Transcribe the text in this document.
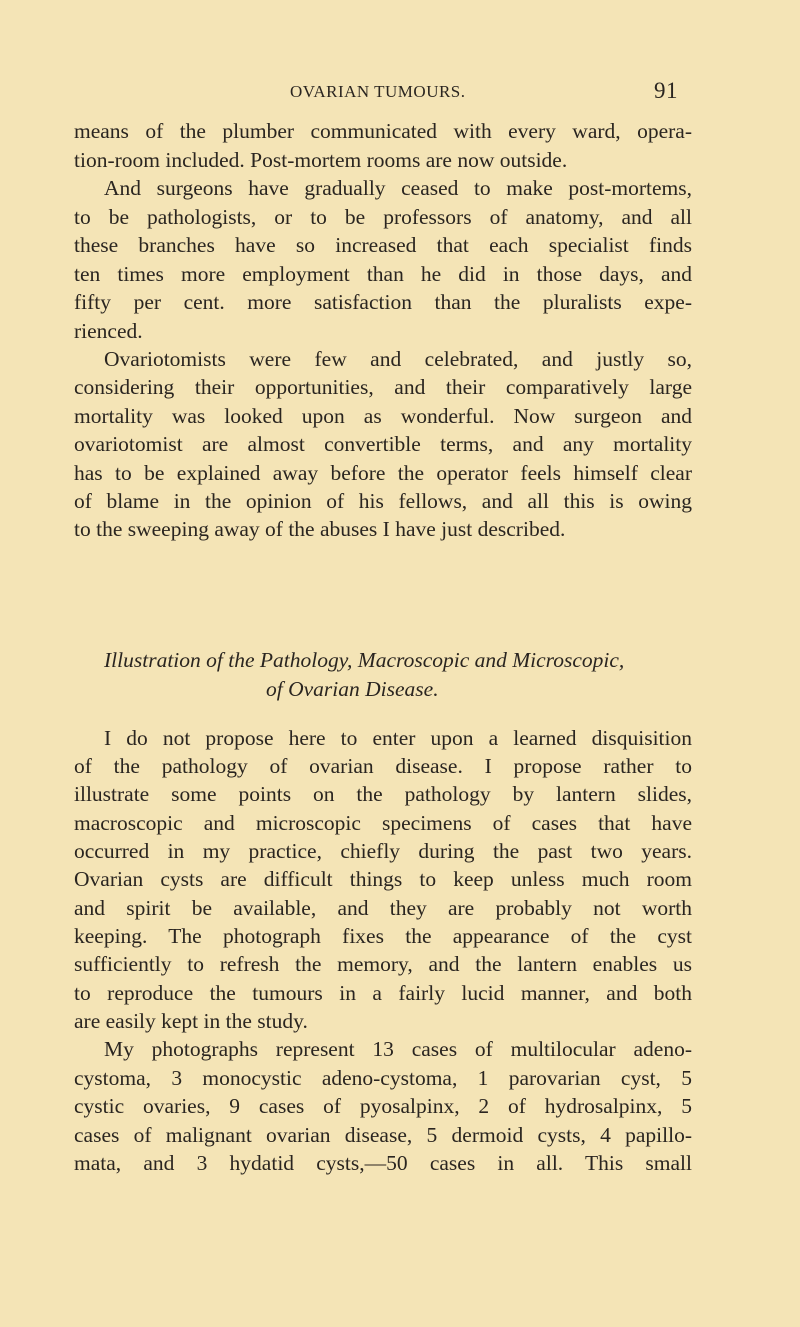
OVARIAN TUMOURS.	91
means of the plumber communicated with every ward, opera-
tion-room included. Post-mortem rooms are now outside.
And surgeons have gradually ceased to make post-mortems,
to be pathologists, or to be professors of anatomy, and all
these branches have so increased that each specialist finds
ten times more employment than he did in those days, and
fifty per cent. more satisfaction than the pluralists expe-
rienced.
Ovariotomists were few and celebrated, and justly so,
considering their opportunities, and their comparatively large
mortality was looked upon as wonderful. Now surgeon and
ovariotomist are almost convertible terms, and any mortality
has to be explained away before the operator feels himself clear
of blame in the opinion of his fellows, and all this is owing
to the sweeping away of the abuses I have just described.
Illustration of the Pathology, Macroscopic and Microscopic,
of Ovarian Disease.
I do not propose here to enter upon a learned disquisition
of the pathology of ovarian disease. I propose rather to
illustrate some points on the pathology by lantern slides,
macroscopic and microscopic specimens of cases that have
occurred in my practice, chiefly during the past two years.
Ovarian cysts are difficult things to keep unless much room
and spirit be available, and they are probably not worth
keeping. The photograph fixes the appearance of the cyst
sufficiently to refresh the memory, and the lantern enables us
to reproduce the tumours in a fairly lucid manner, and both
are easily kept in the study.
My photographs represent 13 cases of multilocular adeno-
cystoma, 3 monocystic adeno-cystoma, 1 parovarian cyst, 5
cystic ovaries, 9 cases of pyosalpinx, 2 of hydrosalpinx, 5
cases of malignant ovarian disease, 5 dermoid cysts, 4 papillo-
mata, and 3 hydatid cysts,—50 cases in all. This small
